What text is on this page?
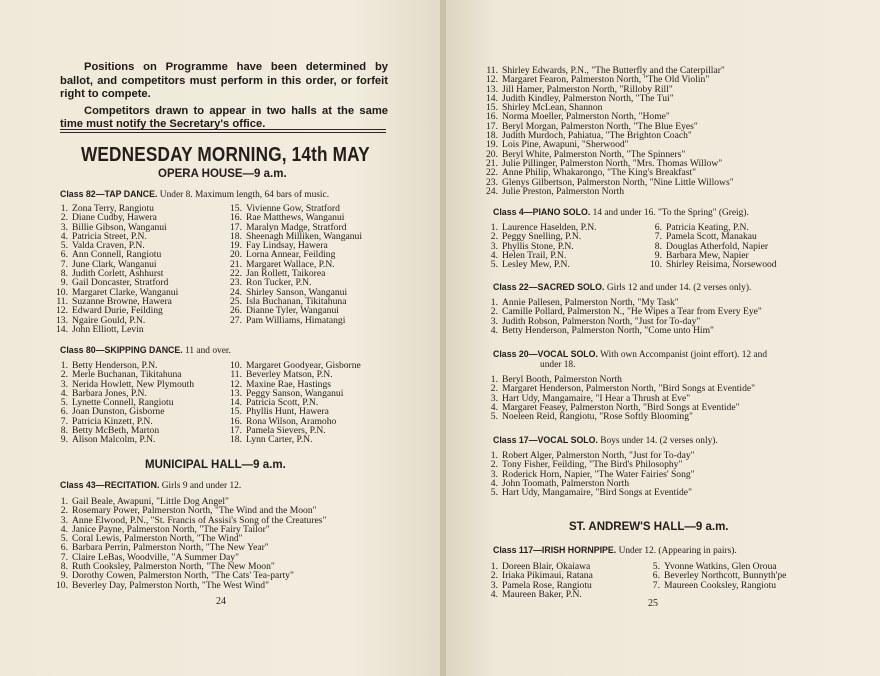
Positions on Programme have been determined by ballot, and competitors must perform in this order, or forfeit right to compete.

Competitors drawn to appear in two halls at the same time must notify the Secretary's office.

WEDNESDAY MORNING, 14th MAY
OPERA HOUSE—9 a.m.
Class 82—TAP DANCE. Under 8. Maximum length, 64 bars of music.
1. Zona Terry, Rangiotu
2. Diane Cudby, Hawera
3. Billie Gibson, Wanganui
4. Patricia Street, P.N.
5. Valda Craven, P.N.
6. Ann Connell, Rangiotu
7. June Clark, Wanganui
8. Judith Corlett, Ashhurst
9. Gail Doncaster, Stratford
10. Margaret Clarke, Wanganui
11. Suzanne Browne, Hawera
12. Edward Durie, Feilding
13. Ngaire Gould, P.N.
14. John Elliott, Levin
15. Vivienne Gow, Stratford
16. Rae Matthews, Wanganui
17. Maralyn Madge, Stratford
18. Sheenagh Milliken, Wanganui
19. Fay Lindsay, Hawera
20. Lorna Annear, Feilding
21. Margaret Wallace, P.N.
22. Jan Rollett, Taikorea
23. Ron Tucker, P.N.
24. Shirley Sanson, Wanganui
25. Isla Buchanan, Tikitahuna
26. Dianne Tyler, Wanganui
27. Pam Williams, Himatangi
Class 80—SKIPPING DANCE. 11 and over.
1. Betty Henderson, P.N.
2. Merle Buchanan, Tikitahuna
3. Nerida Howlett, New Plymouth
4. Barbara Jones, P.N.
5. Lynette Connell, Rangiotu
6. Joan Dunston, Gisborne
7. Patricia Kinzett, P.N.
8. Betty McBeth, Marton
9. Alison Malcolm, P.N.
10. Margaret Goodyear, Gisborne
11. Beverley Matson, P.N.
12. Maxine Rae, Hastings
13. Peggy Sanson, Wanganui
14. Patricia Scott, P.N.
15. Phyllis Hunt, Hawera
16. Rona Wilson, Aramoho
17. Pamela Sievers, P.N.
18. Lynn Carter, P.N.
MUNICIPAL HALL—9 a.m.
Class 43—RECITATION. Girls 9 and under 12.
1. Gail Beale, Awapuni, "Little Dog Angel"
2. Rosemary Power, Palmerston North, "The Wind and the Moon"
3. Anne Elwood, P.N., "St. Francis of Assisi's Song of the Creatures"
4. Janice Payne, Palmerston North, "The Fairy Tailor"
5. Coral Lewis, Palmerston North, "The Wind"
6. Barbara Perrin, Palmerston North, "The New Year"
7. Claire LeBas, Woodville, "A Summer Day"
8. Ruth Cooksley, Palmerston North, "The New Moon"
9. Dorothy Cowen, Palmerston North, "The Cats' Tea-party"
10. Beverley Day, Palmerston North, "The West Wind"
24
11. Shirley Edwards, P.N., "The Butterfly and the Caterpillar"
12. Margaret Fearon, Palmerston North, "The Old Violin"
13. Jill Hamer, Palmerston North, "Rilloby Rill"
14. Judith Kindley, Palmerston North, "The Tui"
15. Shirley McLean, Shannon
16. Norma Moeller, Palmerston North, "Home"
17. Beryl Morgan, Palmerston North, "The Blue Eyes"
18. Judith Murdoch, Pahiatua, "The Brighton Coach"
19. Lois Pine, Awapuni, "Sherwood"
20. Beryl White, Palmerston North, "The Spinners"
21. Julie Pillinger, Palmerston North, "Mrs. Thomas Willow"
22. Anne Philip, Whakarongo, "The King's Breakfast"
23. Glenys Gilbertson, Palmerston North, "Nine Little Willows"
24. Julie Preston, Palmerston North
Class 4—PIANO SOLO. 14 and under 16. "To the Spring" (Greig).
1. Laurence Haselden, P.N.
2. Peggy Snelling, P.N.
3. Phyllis Stone, P.N.
4. Helen Trail, P.N.
5. Lesley Mew, P.N.
6. Patricia Keating, P.N.
7. Pamela Scott, Manakau
8. Douglas Atherfold, Napier
9. Barbara Mew, Napier
10. Shirley Reisima, Norsewood
Class 22—SACRED SOLO. Girls 12 and under 14. (2 verses only).
1. Annie Pallesen, Palmerston North, "My Task"
2. Camille Pollard, Palmerston N., "He Wipes a Tear from Every Eye"
3. Judith Robson, Palmerston North, "Just for To-day"
4. Betty Henderson, Palmerston North, "Come unto Him"
Class 20—VOCAL SOLO. With own Accompanist (joint effort). 12 and
under 18.
1. Beryl Booth, Palmerston North
2. Margaret Henderson, Palmerston North, "Bird Songs at Eventide"
3. Hart Udy, Mangamaire, "I Hear a Thrush at Eve"
4. Margaret Feasey, Palmerston North, "Bird Songs at Eventide"
5. Noeleen Reid, Rangiotu, "Rose Softly Blooming"
Class 17—VOCAL SOLO. Boys under 14. (2 verses only).
1. Robert Alger, Palmerston North, "Just for To-day"
2. Tony Fisher, Feilding, "The Bird's Philosophy"
3. Roderick Horn, Napier, "The Water Fairies' Song"
4. John Toomath, Palmerston North
5. Hart Udy, Mangamaire, "Bird Songs at Eventide"
ST. ANDREW'S HALL—9 a.m.
Class 117—IRISH HORNPIPE. Under 12. (Appearing in pairs).
1. Doreen Blair, Okaiawa
2. Iriaka Pikimaui, Ratana
3. Pamela Rose, Rangiotu
4. Maureen Baker, P.N.
5. Yvonne Watkins, Glen Oroua
6. Beverley Northcott, Bunnyth'pe
7. Maureen Cooksley, Rangiotu
25
